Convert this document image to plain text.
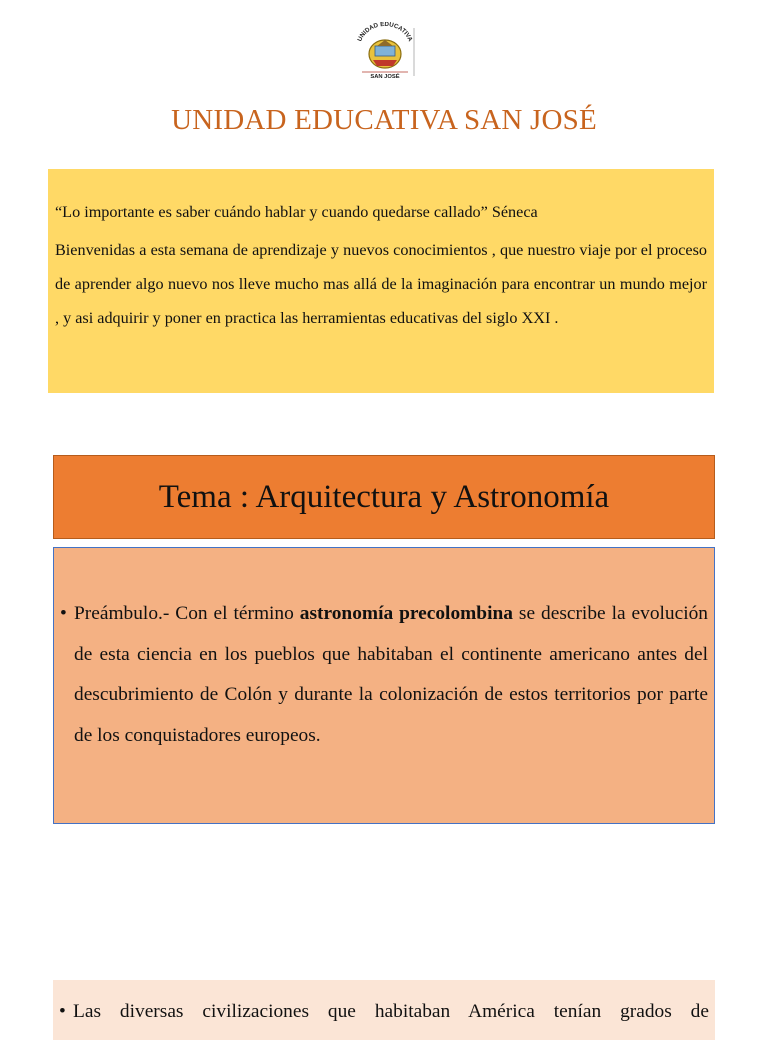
UNIDAD EDUCATIVA
SAN JOSÉ
UNIDAD EDUCATIVA SAN JOSÉ

“Lo importante es saber cuándo hablar y cuando quedarse callado” Séneca

Bienvenidas a esta semana de aprendizaje y nuevos conocimientos , que nuestro viaje por el proceso de aprender algo nuevo nos lleve mucho mas allá de la imaginación para encontrar un mundo mejor , y asi adquirir y poner en practica las herramientas educativas del siglo XXI .

Tema : Arquitectura y Astronomía
• Preámbulo.- Con el término astronomía precolombina se describe la evolución de esta ciencia en los pueblos que habitaban el continente americano antes del descubrimiento de Colón y durante la colonización de estos territorios por parte de los conquistadores europeos.
• Las diversas civilizaciones que habitaban América tenían grados de
